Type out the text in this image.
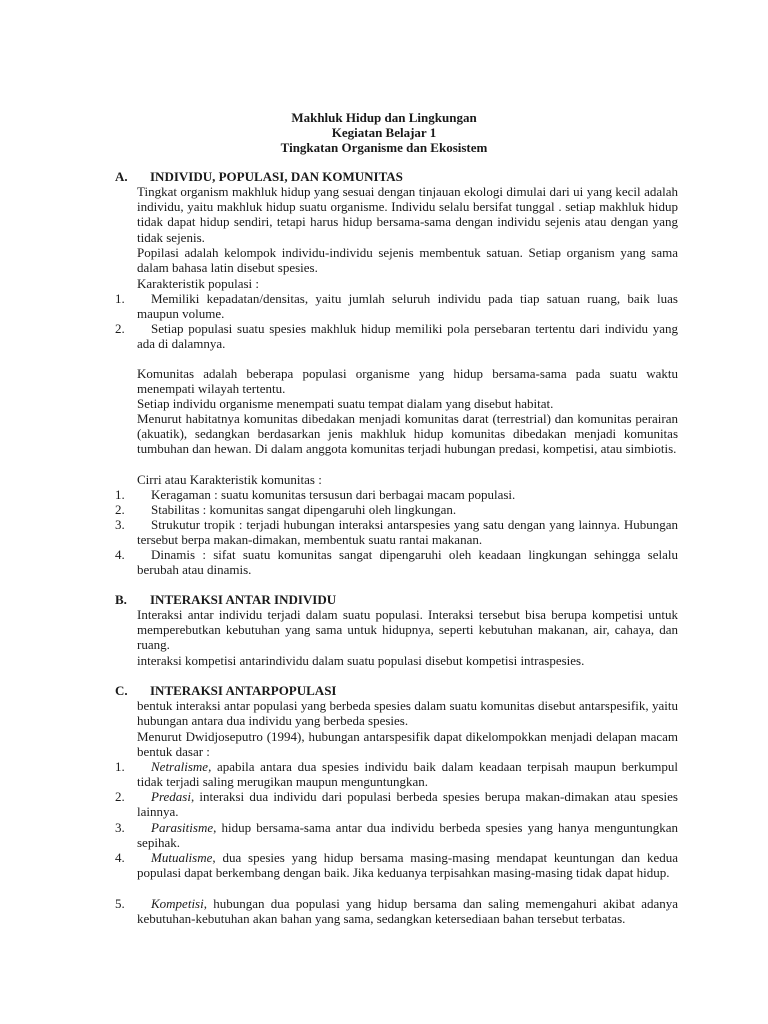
Makhluk Hidup dan Lingkungan
Kegiatan Belajar 1
Tingkatan Organisme dan Ekosistem
A. INDIVIDU, POPULASI, DAN KOMUNITAS

Tingkat organism makhluk hidup yang sesuai dengan tinjauan ekologi dimulai dari ui yang kecil adalah individu, yaitu makhluk hidup suatu organisme. Individu selalu bersifat tunggal . setiap makhluk hidup tidak dapat hidup sendiri, tetapi harus hidup bersama-sama dengan individu sejenis atau dengan yang tidak sejenis.

Popilasi adalah kelompok individu-individu sejenis membentuk satuan. Setiap organism yang sama dalam bahasa latin disebut spesies.

Karakteristik populasi :

1.	Memiliki kepadatan/densitas, yaitu jumlah seluruh individu pada tiap satuan ruang, baik luas maupun volume.
2.	Setiap populasi suatu spesies makhluk hidup memiliki pola persebaran tertentu dari individu yang ada di dalamnya.

Komunitas adalah beberapa populasi organisme yang hidup bersama-sama pada suatu waktu menempati wilayah tertentu.

Setiap individu organisme menempati suatu tempat dialam yang disebut habitat.

Menurut habitatnya komunitas dibedakan menjadi komunitas darat (terrestrial) dan komunitas perairan (akuatik), sedangkan berdasarkan jenis makhluk hidup komunitas dibedakan menjadi komunitas tumbuhan dan hewan. Di dalam anggota komunitas terjadi hubungan predasi, kompetisi, atau simbiotis.

Cirri atau Karakteristik komunitas :

1.	Keragaman : suatu komunitas tersusun dari berbagai macam populasi.
2.	Stabilitas : komunitas sangat dipengaruhi oleh lingkungan.
3.	Strukutur tropik : terjadi hubungan interaksi antarspesies yang satu dengan yang lainnya. Hubungan tersebut berpa makan-dimakan, membentuk suatu rantai makanan.
4.	Dinamis : sifat suatu komunitas sangat dipengaruhi oleh keadaan lingkungan sehingga selalu berubah atau dinamis.
B. INTERAKSI ANTAR INDIVIDU

Interaksi antar individu terjadi dalam suatu populasi. Interaksi tersebut bisa berupa kompetisi untuk memperebutkan kebutuhan yang sama untuk hidupnya, seperti kebutuhan makanan, air, cahaya, dan ruang.

interaksi kompetisi antarindividu dalam suatu populasi disebut kompetisi intraspesies.

C. INTERAKSI ANTARPOPULASI

bentuk interaksi antar populasi yang berbeda spesies dalam suatu komunitas disebut antarspesifik, yaitu hubungan antara dua individu yang berbeda spesies.

Menurut Dwidjoseputro (1994), hubungan antarspesifik dapat dikelompokkan menjadi delapan macam bentuk dasar :

1.	Netralisme, apabila antara dua spesies individu baik dalam keadaan terpisah maupun berkumpul tidak terjadi saling merugikan maupun menguntungkan.
2.	Predasi, interaksi dua individu dari populasi berbeda spesies berupa makan-dimakan atau spesies lainnya.
3.	Parasitisme, hidup bersama-sama antar dua individu berbeda spesies yang hanya menguntungkan sepihak.
4.	Mutualisme, dua spesies yang hidup bersama masing-masing mendapat keuntungan dan kedua populasi dapat berkembang dengan baik. Jika keduanya terpisahkan masing-masing tidak dapat hidup.
5.	Kompetisi, hubungan dua populasi yang hidup bersama dan saling memengahuri akibat adanya kebutuhan-kebutuhan akan bahan yang sama, sedangkan ketersediaan bahan tersebut terbatas.
